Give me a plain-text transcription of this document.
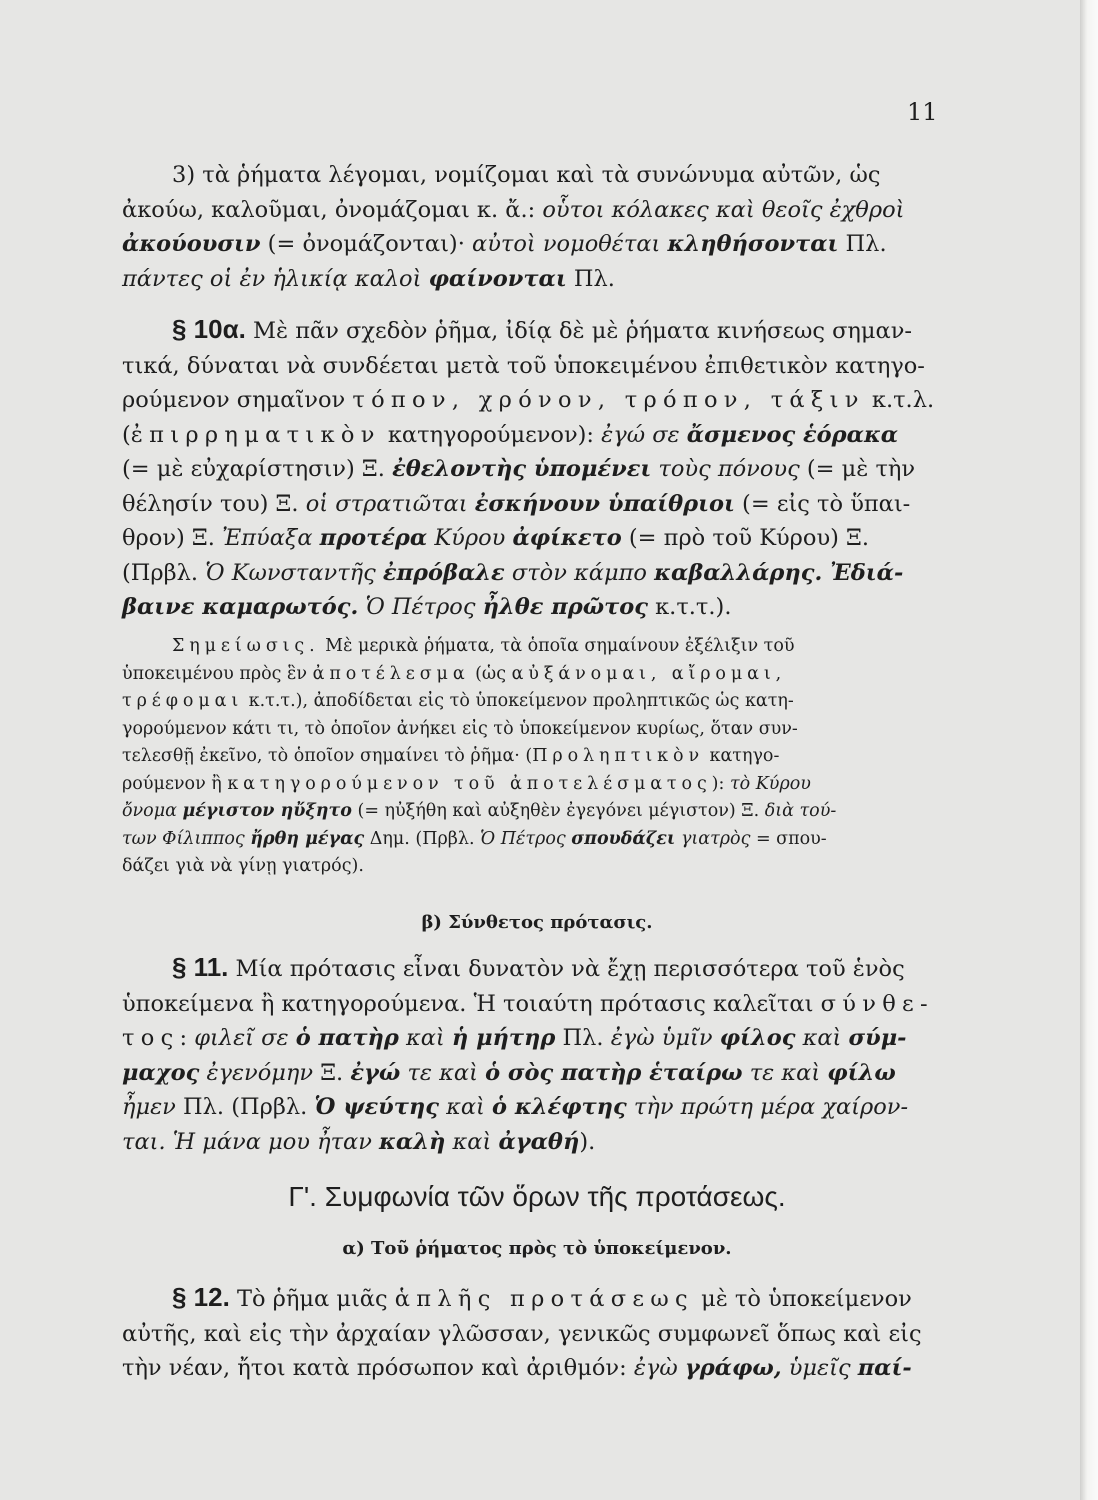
11

3) τὰ ῥήματα λέγομαι, νομίζομαι καὶ τὰ συνώνυμα αὐτῶν, ὡς

ἀκούω, καλοῦμαι, ὀνομάζομαι κ. ἄ.: οὗτοι κόλακες καὶ θεοῖς ἐχθροὶ

ἀκούουσιν (= ὀνομάζονται)· αὐτοὶ νομοθέται κληθήσονται Πλ.

πάντες οἱ ἐν ἡλικίᾳ καλοὶ φαίνονται Πλ.

§ 10α. Μὲ πᾶν σχεδὸν ῥῆμα, ἰδίᾳ δὲ μὲ ῥήματα κινήσεως σημαν-

τικά, δύναται νὰ συνδέεται μετὰ τοῦ ὑποκειμένου ἐπιθετικὸν κατηγο-

ρούμενον σημαῖνον τόπον, χρόνον, τρόπον, τάξιν κ.τ.λ.

(ἐπιρρηματικὸν κατηγορούμενον): ἐγώ σε ἄσμενος ἑόρακα

(= μὲ εὐχαρίστησιν) Ξ. ἐθελοντὴς ὑπομένει τοὺς πόνους (= μὲ τὴν

θέλησίν του) Ξ. οἱ στρατιῶται ἐσκήνουν ὑπαίθριοι (= εἰς τὸ ὕπαι-

θρον) Ξ. Ἐπύαξα προτέρα Κύρου ἀφίκετο (= πρὸ τοῦ Κύρου) Ξ.

(Πρβλ. Ὁ Κωνσταντῆς ἐπρόβαλε στὸν κάμπο καβαλλάρης. Ἐδιά-

βαινε καμαρωτός. Ὁ Πέτρος ἦλθε πρῶτος κ.τ.τ.).

Σημείωσις. Μὲ μερικὰ ῥήματα, τὰ ὁποῖα σημαίνουν ἐξέλιξιν τοῦ

ὑποκειμένου πρὸς ἓν ἀποτέλεσμα (ὡς αὐξάνομαι, αἴρομαι,

τρέφομαι κ.τ.τ.), ἀποδίδεται εἰς τὸ ὑποκείμενον προληπτικῶς ὡς κατη-

γορούμενον κάτι τι, τὸ ὁποῖον ἀνήκει εἰς τὸ ὑποκείμενον κυρίως, ὅταν συν-

τελεσθῇ ἐκεῖνο, τὸ ὁποῖον σημαίνει τὸ ῥῆμα· (Προληπτικὸν κατηγο-

ρούμενον ἢ κατηγορούμενον τοῦ ἀποτελέσματος): τὸ Κύρου

ὄνομα μέγιστον ηὔξητο (= ηὐξήθη καὶ αὐξηθὲν ἐγεγόνει μέγιστον) Ξ. διὰ τού-

των Φίλιππος ἤρθη μέγας Δημ. (Πρβλ. Ὁ Πέτρος σπουδάζει γιατρὸς = σπου-

δάζει γιὰ νὰ γίνῃ γιατρός).

β) Σύνθετος πρότασις.

§ 11. Μία πρότασις εἶναι δυνατὸν νὰ ἔχῃ περισσότερα τοῦ ἑνὸς

ὑποκείμενα ἢ κατηγορούμενα. Ἡ τοιαύτη πρότασις καλεῖται σύνθε-

τος: φιλεῖ σε ὁ πατὴρ καὶ ἡ μήτηρ Πλ. ἐγὼ ὑμῖν φίλος καὶ σύμ-

μαχος ἐγενόμην Ξ. ἐγώ τε καὶ ὁ σὸς πατὴρ ἑταίρω τε καὶ φίλω

ἦμεν Πλ. (Πρβλ. Ὁ ψεύτης καὶ ὁ κλέφτης τὴν πρώτη μέρα χαίρον-

ται. Ἡ μάνα μου ἦταν καλὴ καὶ ἀγαθή).

Γ'. Συμφωνία τῶν ὅρων τῆς προτάσεως.
α) Τοῦ ῥήματος πρὸς τὸ ὑποκείμενον.

§ 12. Τὸ ῥῆμα μιᾶς ἁπλῆς προτάσεως μὲ τὸ ὑποκείμενον

αὐτῆς, καὶ εἰς τὴν ἀρχαίαν γλῶσσαν, γενικῶς συμφωνεῖ ὅπως καὶ εἰς

τὴν νέαν, ἤτοι κατὰ πρόσωπον καὶ ἀριθμόν: ἐγὼ γράφω, ὑμεῖς παί-
